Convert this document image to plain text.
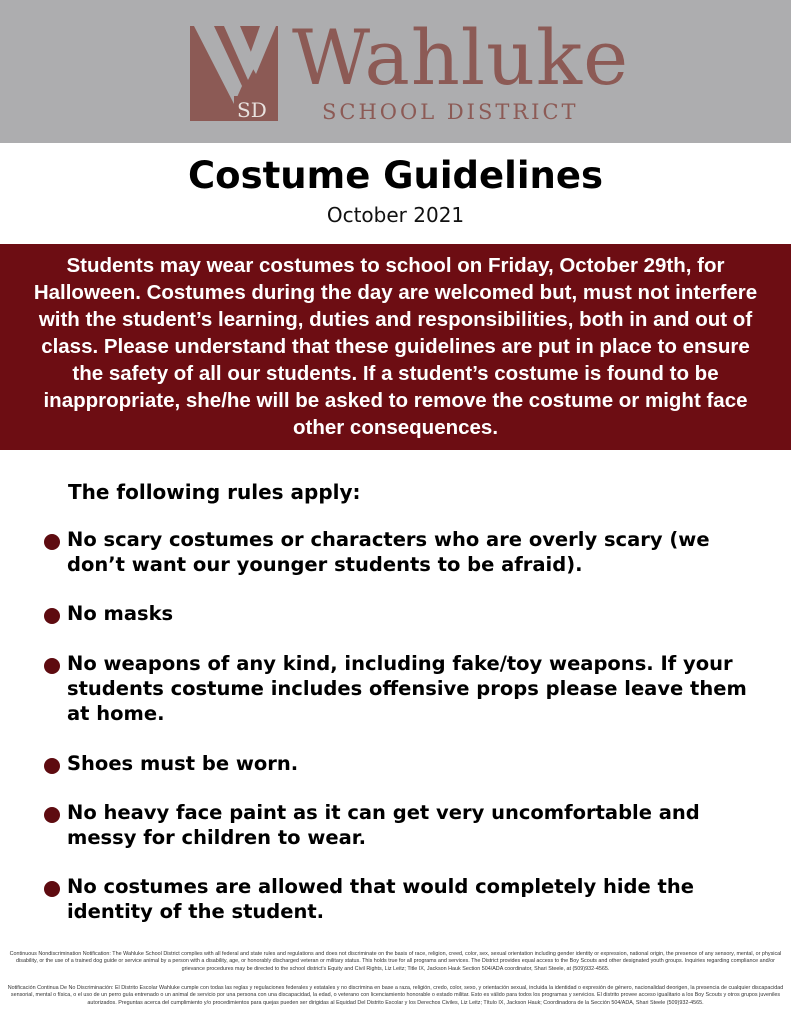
SD
Wahluke
SCHOOL DISTRICT
Costume Guidelines
October 2021
Students may wear costumes to school on Friday, October 29th, for Halloween. Costumes during the day are welcomed but, must not interfere with the student’s learning, duties and responsibilities, both in and out of class. Please understand that these guidelines are put in place to ensure the safety of all our students. If a student’s costume is found to be inappropriate, she/he will be asked to remove the costume or might face other consequences.
The following rules apply:
No scary costumes or characters who are overly scary (we don’t want our younger students to be afraid).
No masks
No weapons of any kind, including fake/toy weapons. If your students costume includes offensive props please leave them at home.
Shoes must be worn.
No heavy face paint as it can get very uncomfortable and messy for children to wear.
No costumes are allowed that would completely hide the identity of the student.
Continuous Nondiscrimination Notification: The Wahluke School District complies with all federal and state rules and regulations and does not discriminate on the basis of race, religion, creed, color, sex, sexual orientation including gender identity or expression, national origin, the presence of any sensory, mental, or physical disability, or the use of a trained dog guide or service animal by a person with a disability, age, or honorably discharged veteran or military status. This holds true for all programs and services. The District provides equal access to the Boy Scouts and other designated youth groups. Inquiries regarding compliance and/or grievance procedures may be directed to the school district’s Equity and Civil Rights, Liz Leitz; Title IX, Jackson Hauk Section 504/ADA coordinator, Shari Steele, at (509)932-4565.
Notificación Continua De No Discriminación: El Distrito Escolar Wahluke cumple con todas las reglas y regulaciones federales y estatales y no discrimina en base a raza, religión, credo, color, sexo, y orientación sexual, incluida la identidad o expresión de género, nacionalidad deorigen, la presencia de cualquier discapacidad sensorial, mental o física, o el uso de un perro guía entrenado o un animal de servicio por una persona con una discapacidad, la edad, o veterano con licenciamiento honorable o estado militar. Esto es válido para todos los programas y servicios. El distrito provee acceso igualitario a los Boy Scouts y otros grupos juveniles autorizados. Preguntas acerca del cumplimiento y/o procedimientos para quejas pueden ser dirigidas al Equidad Del Distrito Escolar y los Derechos Civiles, Liz Leitz; Título IX, Jackson Hauk; Coordinadora de la Sección 504/ADA, Shari Steele (509)932-4565.
